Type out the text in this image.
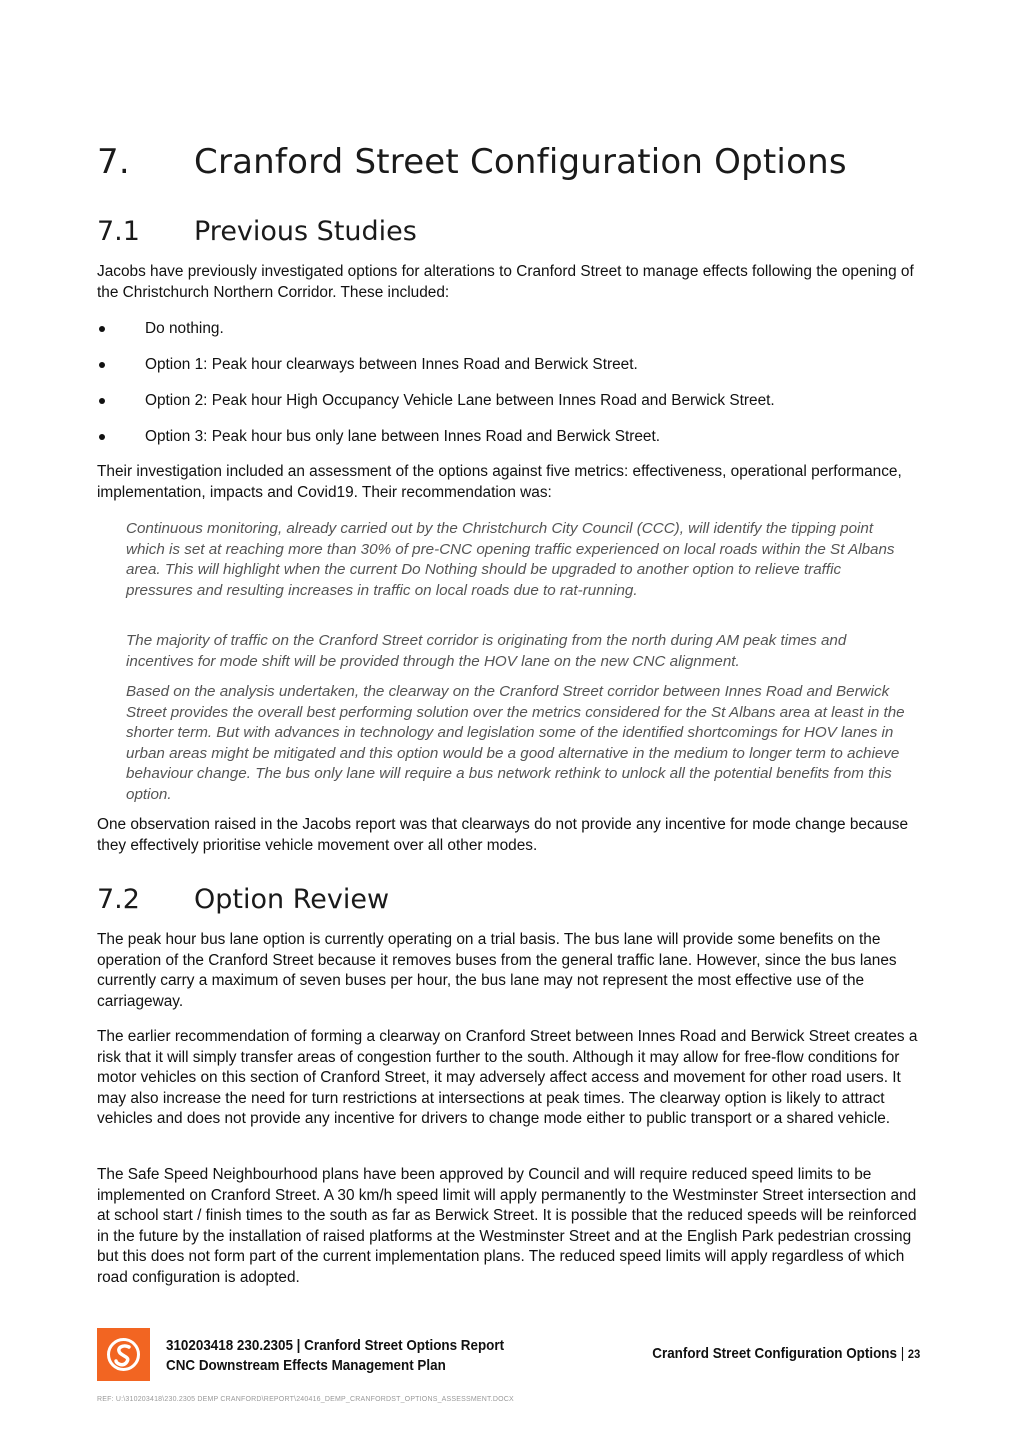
7. Cranford Street Configuration Options
7.1 Previous Studies

Jacobs have previously investigated options for alterations to Cranford Street to manage effects following the opening of the Christchurch Northern Corridor. These included:

Do nothing.
Option 1: Peak hour clearways between Innes Road and Berwick Street.
Option 2: Peak hour High Occupancy Vehicle Lane between Innes Road and Berwick Street.
Option 3: Peak hour bus only lane between Innes Road and Berwick Street.

Their investigation included an assessment of the options against five metrics: effectiveness, operational performance, implementation, impacts and Covid19. Their recommendation was:

Continuous monitoring, already carried out by the Christchurch City Council (CCC), will identify the tipping point which is set at reaching more than 30% of pre-CNC opening traffic experienced on local roads within the St Albans area. This will highlight when the current Do Nothing should be upgraded to another option to relieve traffic pressures and resulting increases in traffic on local roads due to rat-running.

The majority of traffic on the Cranford Street corridor is originating from the north during AM peak times and incentives for mode shift will be provided through the HOV lane on the new CNC alignment.

Based on the analysis undertaken, the clearway on the Cranford Street corridor between Innes Road and Berwick Street provides the overall best performing solution over the metrics considered for the St Albans area at least in the shorter term. But with advances in technology and legislation some of the identified shortcomings for HOV lanes in urban areas might be mitigated and this option would be a good alternative in the medium to longer term to achieve behaviour change. The bus only lane will require a bus network rethink to unlock all the potential benefits from this option.

One observation raised in the Jacobs report was that clearways do not provide any incentive for mode change because they effectively prioritise vehicle movement over all other modes.

7.2 Option Review

The peak hour bus lane option is currently operating on a trial basis. The bus lane will provide some benefits on the operation of the Cranford Street because it removes buses from the general traffic lane. However, since the bus lanes currently carry a maximum of seven buses per hour, the bus lane may not represent the most effective use of the carriageway.

The earlier recommendation of forming a clearway on Cranford Street between Innes Road and Berwick Street creates a risk that it will simply transfer areas of congestion further to the south. Although it may allow for free-flow conditions for motor vehicles on this section of Cranford Street, it may adversely affect access and movement for other road users. It may also increase the need for turn restrictions at intersections at peak times. The clearway option is likely to attract vehicles and does not provide any incentive for drivers to change mode either to public transport or a shared vehicle.

The Safe Speed Neighbourhood plans have been approved by Council and will require reduced speed limits to be implemented on Cranford Street. A 30 km/h speed limit will apply permanently to the Westminster Street intersection and at school start / finish times to the south as far as Berwick Street. It is possible that the reduced speeds will be reinforced in the future by the installation of raised platforms at the Westminster Street and at the English Park pedestrian crossing but this does not form part of the current implementation plans. The reduced speed limits will apply regardless of which road configuration is adopted.

310203418 230.2305 | Cranford Street Options Report
CNC Downstream Effects Management Plan
Cranford Street Configuration Options | 23
REF: U:\310203418\230.2305 DEMP CRANFORD\REPORT\240416_DEMP_CRANFORDST_OPTIONS_ASSESSMENT.DOCX
